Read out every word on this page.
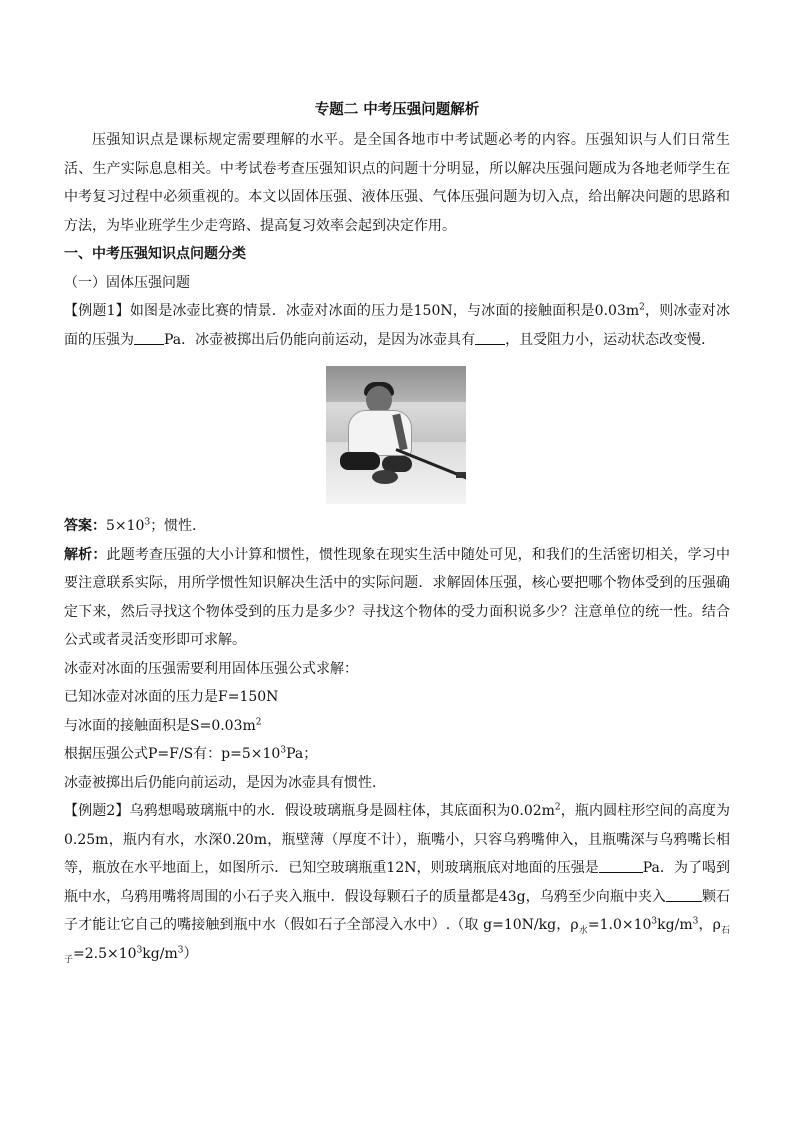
专题二 中考压强问题解析

压强知识点是课标规定需要理解的水平。是全国各地市中考试题必考的内容。压强知识与人们日常生活、生产实际息息相关。中考试卷考查压强知识点的问题十分明显，所以解决压强问题成为各地老师学生在中考复习过程中必须重视的。本文以固体压强、液体压强、气体压强问题为切入点，给出解决问题的思路和方法，为毕业班学生少走弯路、提高复习效率会起到决定作用。

一、中考压强知识点问题分类

（一）固体压强问题

【例题1】如图是冰壶比赛的情景．冰壶对冰面的压力是150N，与冰面的接触面积是$0.03m^2$，则冰壶对冰面的压强为 Pa．冰壶被掷出后仍能向前运动，是因为冰壶具有 ，且受阻力小，运动状态改变慢．

答案：$5\times 10^3$；惯性．

解析：此题考查压强的大小计算和惯性，惯性现象在现实生活中随处可见，和我们的生活密切相关，学习中要注意联系实际，用所学惯性知识解决生活中的实际问题．求解固体压强，核心要把哪个物体受到的压强确定下来，然后寻找这个物体受到的压力是多少？寻找这个物体的受力面积说多少？注意单位的统一性。结合公式或者灵活变形即可求解。

冰壶对冰面的压强需要利用固体压强公式求解：

已知冰壶对冰面的压力是F=150N

与冰面的接触面积是$S=0.03m^2$

根据压强公式P=F/S有：$p=5\times 10^3Pa$；

冰壶被掷出后仍能向前运动，是因为冰壶具有惯性．

【例题2】乌鸦想喝玻璃瓶中的水．假设玻璃瓶身是圆柱体，其底面积为$0.02m^2$，瓶内圆柱形空间的高度为0.25m，瓶内有水，水深0.20m，瓶壁薄（厚度不计），瓶嘴小，只容乌鸦嘴伸入，且瓶嘴深与乌鸦嘴长相等，瓶放在水平地面上，如图所示．已知空玻璃瓶重12N，则玻璃瓶底对地面的压强是	Pa．为了喝到瓶中水，乌鸦用嘴将周围的小石子夹入瓶中．假设每颗石子的质量都是43g，乌鸦至少向瓶中夹入	颗石子才能让它自己的嘴接触到瓶中水（假如石子全部浸入水中）.（取 g=10N/kg，$\rho_水=1.0\times 10^3kg/m^3$，$\rho_{石子}=2.5\times 10^3kg/m^3$）
